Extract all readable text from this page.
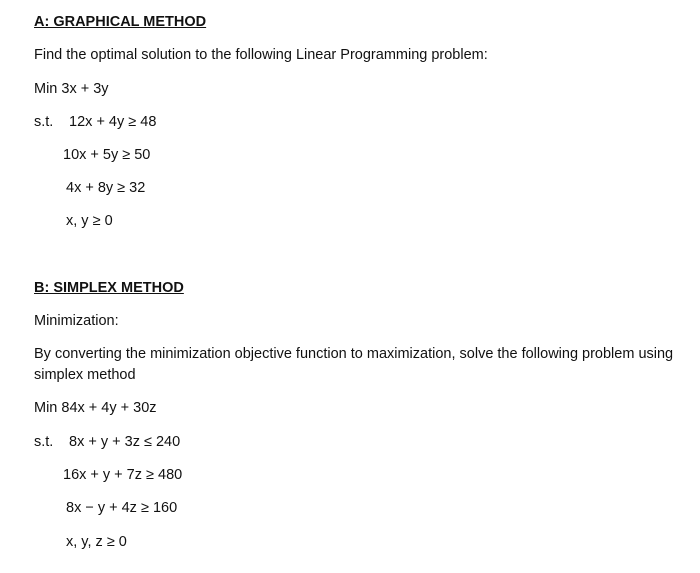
A: GRAPHICAL METHOD
Find the optimal solution to the following Linear Programming problem:
Min 3x + 3y
s.t. 12x + 4y ≥ 48
10x + 5y ≥ 50
4x + 8y ≥ 32
x, y ≥ 0
B: SIMPLEX METHOD
Minimization:
By converting the minimization objective function to maximization, solve the following problem using simplex method
Min 84x + 4y + 30z
s.t. 8x + y + 3z ≤ 240
16x + y + 7z ≥ 480
8x − y + 4z ≥ 160
x, y, z ≥ 0
